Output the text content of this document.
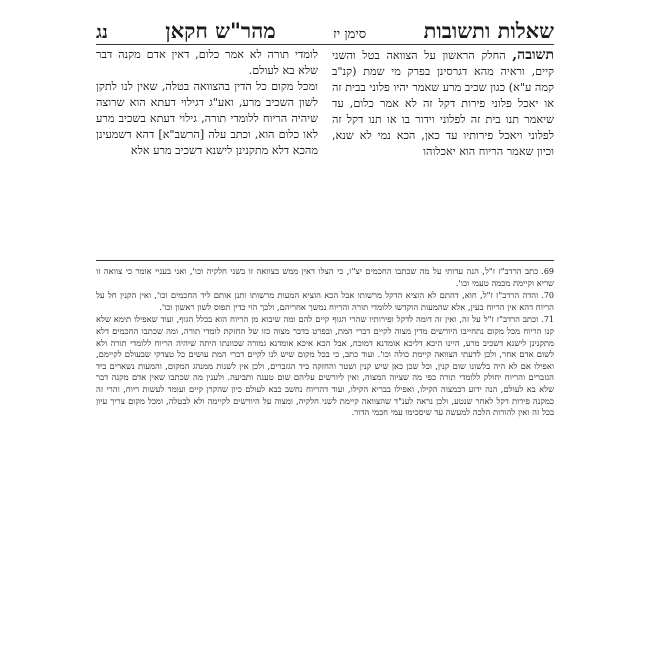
שאלות ותשובות
סימן יז
מהר"ש חקאן
נג

תשובה, החלק הראשון על הצוואה בטל והשני קיים, וראיה מהא דגרסינן בפרק מי שמת (קנ"ב קמה ע"א) כגון שכיב מרע שאמר יהיו פלוני בבית זה או יאכל פלוני פירות דקל זה לא אמר כלום, עד שיאמר תנו בית זה לפלוני וידור בו או תנו דקל זה לפלוני ויאכל פירותיו עד כאן, הכא נמי לא שנא, וכיון שאמר הריוח הוא יאכלוהו

לומדי תורה לא אמר כלום, דאין אדם מקנה דבר שלא בא לעולם.

ומכל מקום כל הדין בהצוואה בטלה, שאין לנו לתקן לשון השכיב מרע, ואע"ג דגילוי דעתא הוא שרוצה שיהיה הריוח ללומדי תורה, גילוי דעתא בשכיב מרע לאו כלום הוא, וכתב עלה [הרשב"א] דהא דשמעינן מהכא דלא מתקנינן לישנא דשכיב מרע אלא

69.כתב הרדב"ז ז"ל, הנה עדותי על מה שכתבו החכמים יצ"ו, כי הצלו דאין ממש בצוואה זו בשני חלקיה וכו', ואני בעניי אומר כי צוואה זו שריא וקיימת מכמה טעמי וכו'.

70.והדה הרדב"ז ז"ל, חוא, דהתם לא הוציא הדקל מרשותו אבל הכא הוציא המעות מרשותו ותנן אותם ליד החכמים וכו', ואין הקנין חל על הריוח דהא אין הריוח בעין, אלא שהמעות הוקדשו ללומדי תורה והריוח נמשך אחריהם, ולכך הוי כדין תפוס לשון ראשון וכו'.

71.וכתב הרדב"ז ז"ל על זה, ואין זה דומה לדקל ופירותיו שהרי הגוף קיים להם ומה שיבוא מן הריוח הוא בכלל הגוף, ועוד שאפילו תימא שלא קנו הריוח מכל מקום נתחייבו היורשים מדין מצוה לקיים דברי המת, ובפרט בדבר מצוה כזו של החזקת לומדי תורה, ומה שכתבו החכמים דלא מתקנינן לישנא דשכיב מרע, היינו היכא דליכא אומדנא דמוכח, אבל הכא איכא אומדנא גמורה שכוונתו היתה שיהיה הריוח ללומדי תורה ולא לשום אדם אחר, ולכן לדעתי הצוואה קיימת כולה וכו'. ועוד כתב, כי בכל מקום שיש לנו לקיים דברי המת עושים כל טצדקי שבעולם לקיימם, ואפילו אם לא היה בלשונו שום קנין, וכל שכן כאן שיש קנין ושטר והחזקה ביד הגזברים, ולכן אין לשנות ממנהג המקום, והמעות נשארים ביד הגזברים והריוח יחולק ללומדי תורה כפי מה שציוה המצוה, ואין ליורשים עליהם שום טענה ותביעה. ולענין מה שכתבו שאין אדם מקנה דבר שלא בא לעולם, הנה ידוע דבמצוה הקילו, ואפילו בבריא הקילו, ועוד דהריוח נחשב כבא לעולם כיון שהקרן קיים ועומד לעשות ריוח, והרי זה כמקנה פירות דקל לאחר שנטע, ולכן נראה לענ"ד שהצוואה קיימת לשני חלקיה, ומצוה על היורשים לקיימה ולא לבטלה, ומכל מקום צריך עיון בכל זה ואין להורות הלכה למעשה עד שיסכימו עמי חכמי הדור.
